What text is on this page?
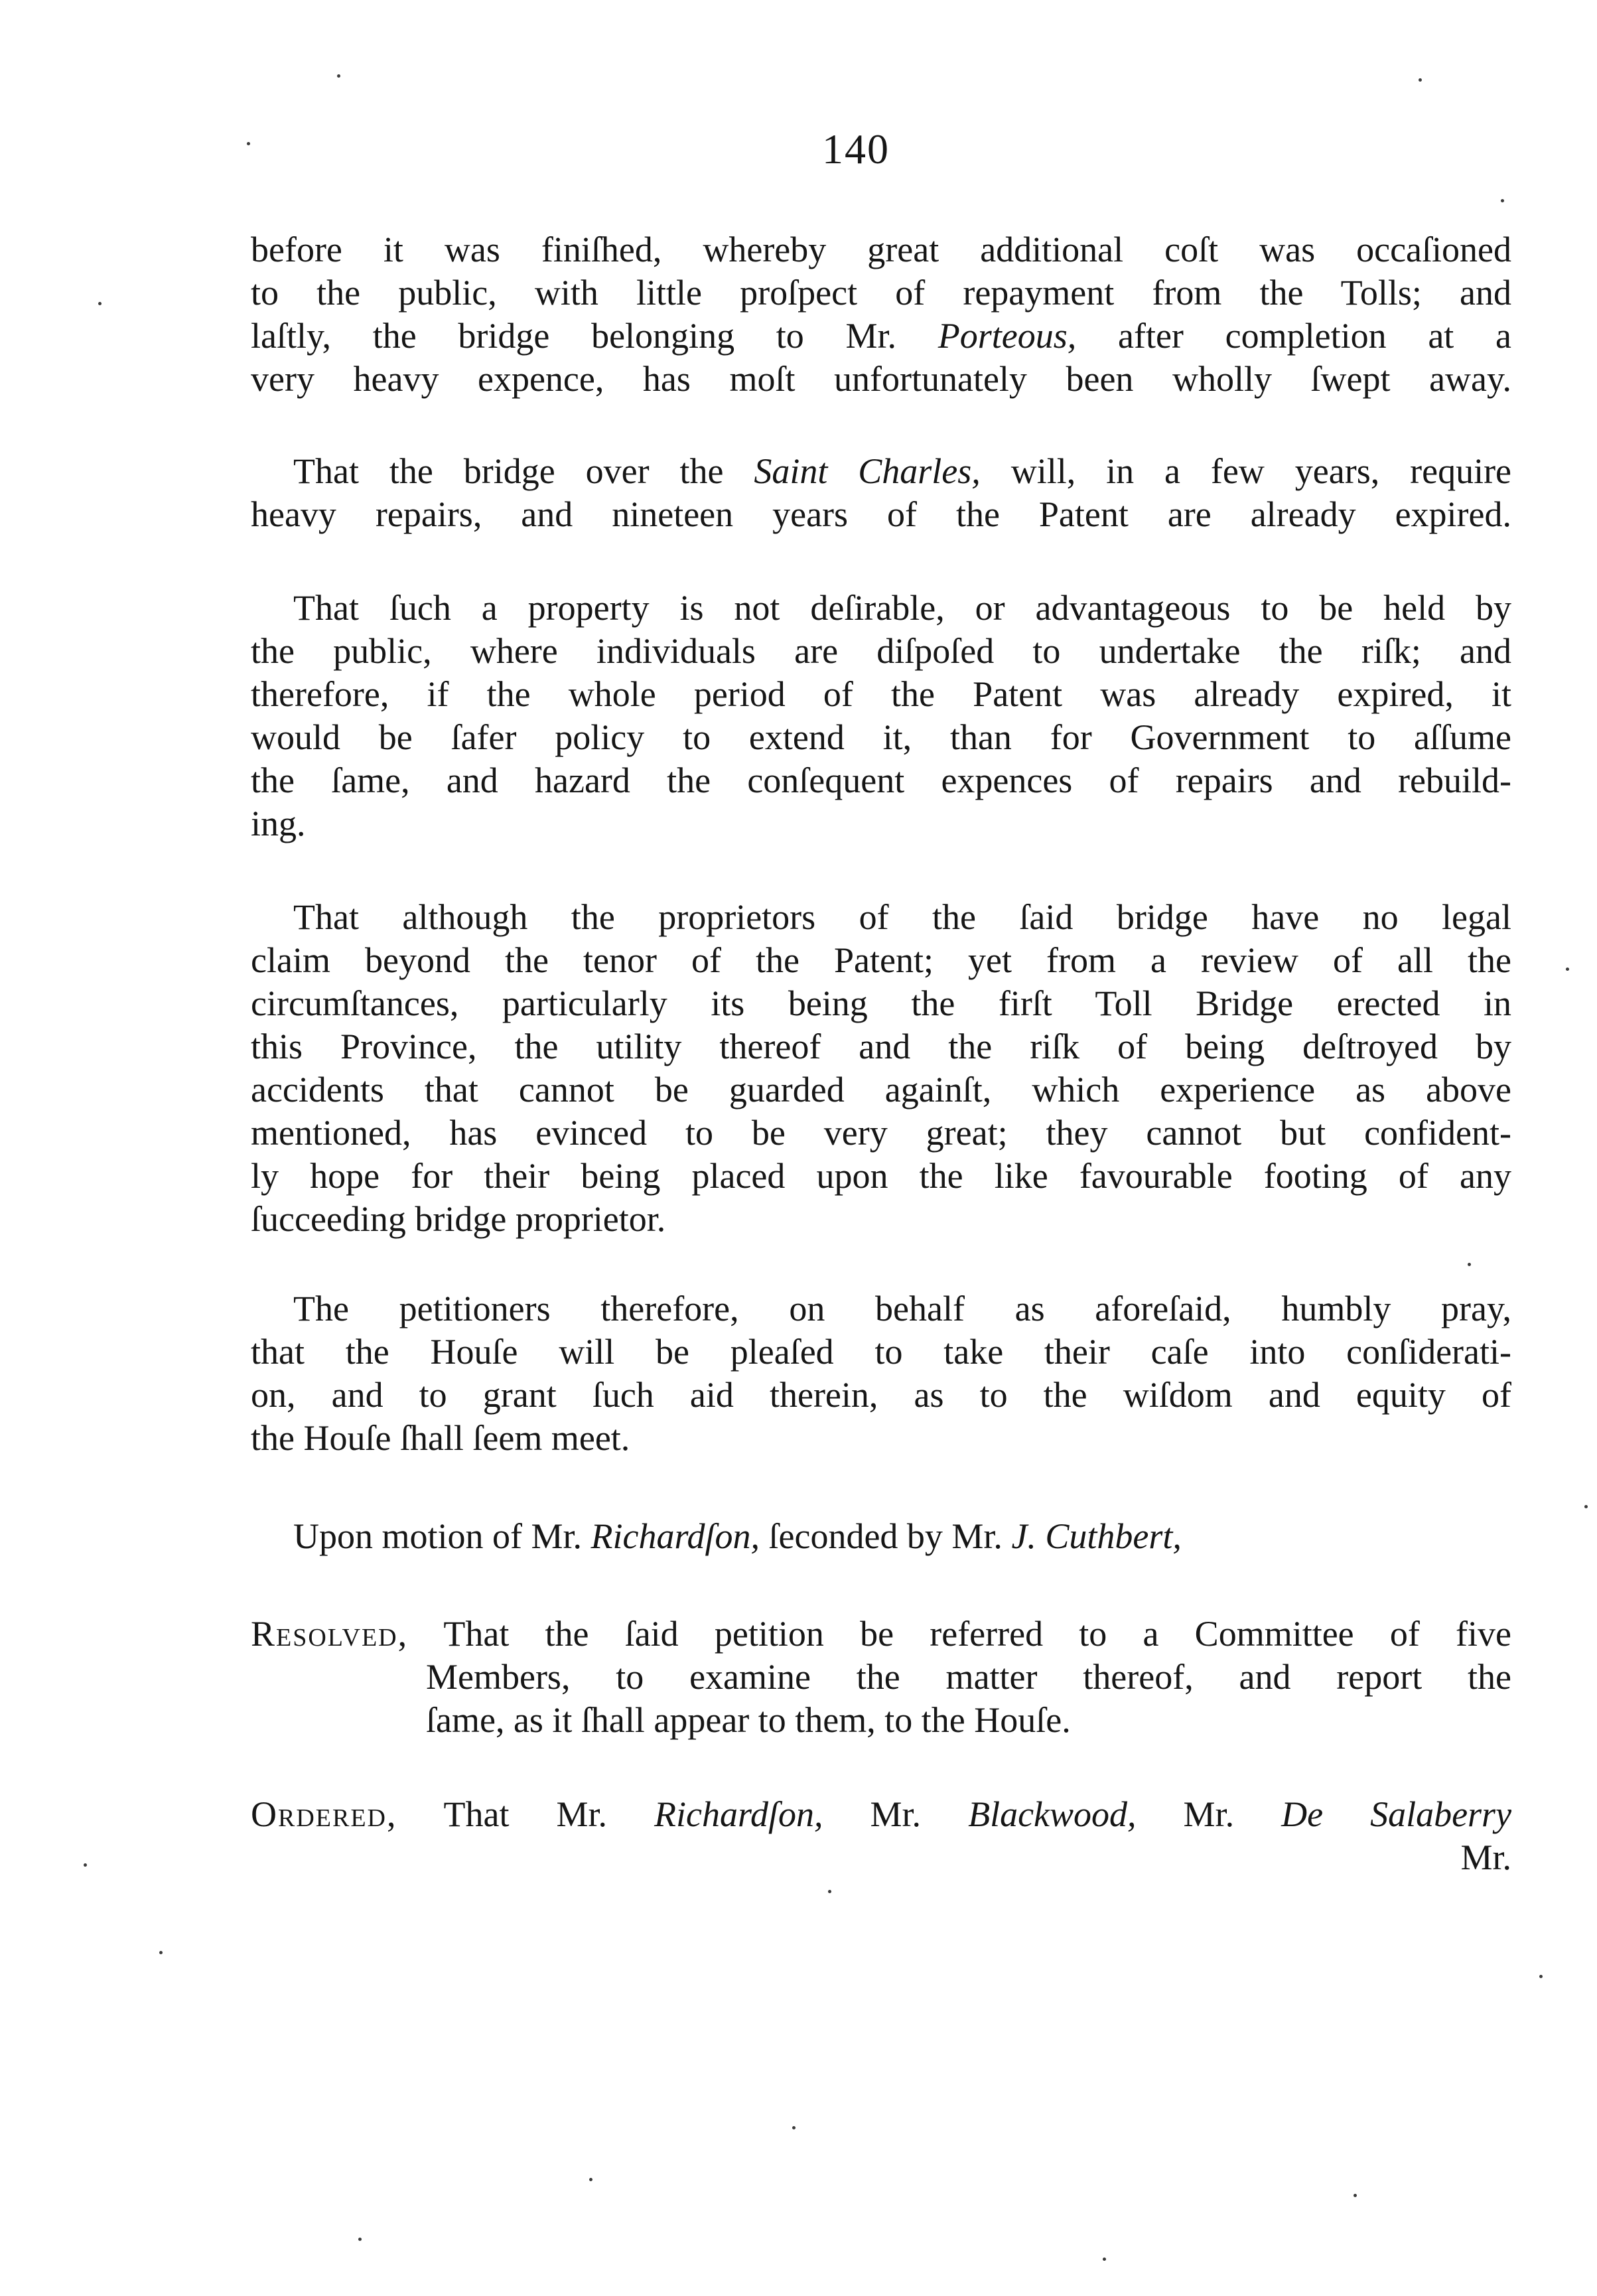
140
before it was finiſhed, whereby great additional coſt was occaſioned
to the public, with little proſpect of repayment from the Tolls; and
laſtly, the bridge belonging to Mr. Porteous, after completion at a
very heavy expence, has moſt unfortunately been wholly ſwept away.
That the bridge over the Saint Charles, will, in a few years, require
heavy repairs, and nineteen years of the Patent are already expired.
That ſuch a property is not deſirable, or advantageous to be held by
the public, where individuals are diſpoſed to undertake the riſk; and
therefore, if the whole period of the Patent was already expired, it
would be ſafer policy to extend it, than for Government to aſſume
the ſame, and hazard the conſequent expences of repairs and rebuild-
ing.
That although the proprietors of the ſaid bridge have no legal
claim beyond the tenor of the Patent; yet from a review of all the
circumſtances, particularly its being the firſt Toll Bridge erected in
this Province, the utility thereof and the riſk of being deſtroyed by
accidents that cannot be guarded againſt, which experience as above
mentioned, has evinced to be very great; they cannot but confident-
ly hope for their being placed upon the like favourable footing of any
ſucceeding bridge proprietor.
The petitioners therefore, on behalf as aforeſaid, humbly pray,
that the Houſe will be pleaſed to take their caſe into conſiderati-
on, and to grant ſuch aid therein, as to the wiſdom and equity of
the Houſe ſhall ſeem meet.
Upon motion of Mr. Richardſon, ſeconded by Mr. J. Cuthbert,
Resolved, That the ſaid petition be referred to a Committee of five
Members, to examine the matter thereof, and report the
ſame, as it ſhall appear to them, to the Houſe.
Ordered, That Mr. Richardſon, Mr. Blackwood, Mr. De Salaberry
Mr.
